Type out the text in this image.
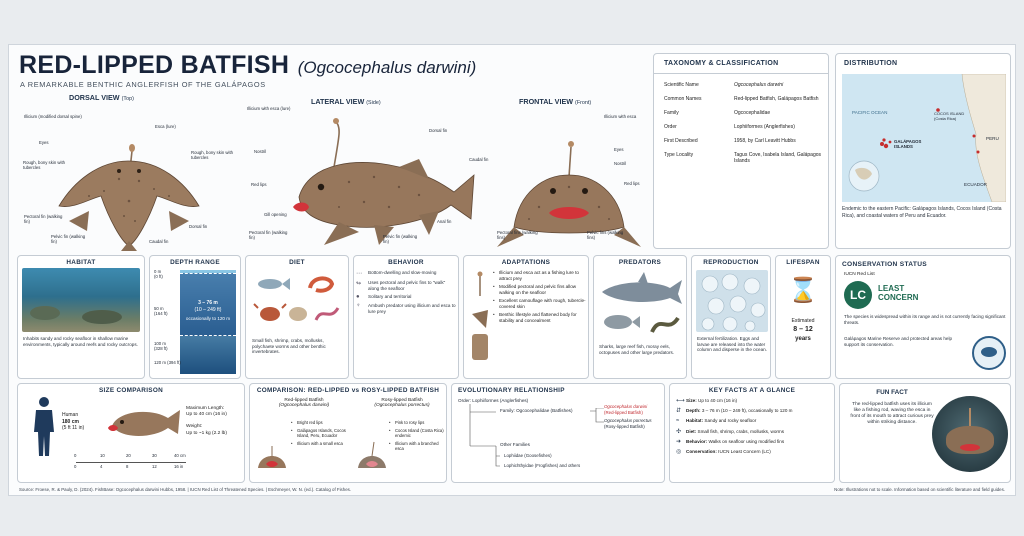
RED-LIPPED BATFISH (Ogcocephalus darwini)
A REMARKABLE BENTHIC ANGLERFISH OF THE GALÁPAGOS
DORSAL VIEW (Top)
Illicium (modified dorsal spine)
Esca (lure)
Eyes
Rough, bony skin with tubercles
Rough, bony skin with tubercles
Pectoral fin (walking fin)
Pelvic fin (walking fin)
Dorsal fin
Caudal fin
LATERAL VIEW (Side)
Illicium with esca (lure)
Dorsal fin
Nostril
Caudal fin
Red lips
Gill opening
Pectoral fin (walking fin)	Pelvic fin (walking fin)
Anal fin
FRONTAL VIEW (Front)
Illicium with esca
Eyes
Nostril
Red lips
Pectoral fins (walking fins)
Pelvic fins (walking fins)
TAXONOMY & CLASSIFICATION
Scientific Name	Ogcocephalus darwini
Common Names	Red-lipped Batfish, Galápagos Batfish
Family	Ogcocephalidae
Order	Lophiiformes (Anglerfishes)
First Described	1958, by Carl Leavitt Hubbs
Type Locality	Tagus Cove, Isabela Island, Galápagos Islands
DISTRIBUTION
PACIFIC OCEAN	COCOS ISLAND (Costa Rica)
GALÁPAGOS ISLANDS
PERU
ECUADOR
Endemic to the eastern Pacific: Galápagos Islands, Cocos Island (Costa Rica), and coastal waters of Peru and Ecuador.
HABITAT
Inhabits sandy and rocky seafloor in shallow marine environments, typically around reefs and rocky outcrops.
DEPTH RANGE
0 m
(0 ft)
50 m
(164 ft)
100 m
(328 ft)
120 m (394 ft)
3 – 76 m
(10 – 249 ft)
occasionally to 120 m
DIET
Small fish, shrimp, crabs, mollusks, polychaete worms and other benthic invertebrates.
BEHAVIOR
⋯	Bottom-dwelling and slow-moving
↬	Uses pectoral and pelvic fins to "walk" along the seafloor
●	Solitary and territorial
♆	Ambush predator using illicium and esca to lure prey
ADAPTATIONS
• Illicium and esca act as a fishing lure to attract prey
• Modified pectoral and pelvic fins allow walking on the seafloor
• Excellent camouflage with rough, tubercle-covered skin
• Benthic lifestyle and flattened body for stability and concealment
PREDATORS
Sharks, large reef fish, moray eels, octopuses and other large predators.
REPRODUCTION
External fertilization. Eggs and larvae are released into the water column and disperse in the ocean.
LIFESPAN
⌛
Estimated
8 – 12
years
CONSERVATION STATUS
IUCN Red List
LC	LEAST
CONCERN
The species is widespread within its range and is not currently facing significant threats.
Galápagos Marine Reserve and protected areas help support its conservation.
SIZE COMPARISON
Human
180 cm
(5 ft 11 in)
Maximum Length:
Up to 40 cm (16 in)
Weight:
Up to ~1 kg (2.2 lb)
0	10	20	30	40 cm
0	4	8	12	16 in
COMPARISON: RED-LIPPED vs ROSY-LIPPED BATFISH
Red-lipped Batfish
(Ogcocephalus darwini)
Rosy-lipped Batfish
(Ogcocephalus porrectus)
• Bright red lips
• Galápagos Islands, Cocos Island, Peru, Ecuador
• Illicium with a small esca
• Pink to rosy lips
• Cocos Island (Costa Rica) endemic
• Illicium with a branched esca
EVOLUTIONARY RELATIONSHIP
Order: Lophiiformes (Anglerfishes)
Family: Ogcocephalidae (Batfishes)
Ogcocephalus darwini
(Red-lipped Batfish)
Ogcocephalus porrectus
(Rosy-lipped Batfish)
Other Families
Lophiidae (Goosefishes)
Lophichthyidae (Frogfishes) and others
KEY FACTS AT A GLANCE
⟷ Size: Up to 40 cm (16 in)
⇵	Depth: 3 – 76 m (10 – 249 ft), occasionally to 120 m
≈	Habitat: Sandy and rocky seafloor
✣	Diet: Small fish, shrimp, crabs, mollusks, worms
➜	Behavior: Walks on seafloor using modified fins
◎	Conservation: IUCN Least Concern (LC)
FUN FACT
The red-lipped batfish uses its illicium like a fishing rod, waving the esca in front of its mouth to attract curious prey within striking distance.
Source: Froese, R. & Pauly, D. (2024). FishBase: Ogcocephalus darwini Hubbs, 1958. | IUCN Red List of Threatened Species. | Eschmeyer, W. N. (ed.). Catalog of Fishes.	Note: Illustrations not to scale. Information based on scientific literature and field guides.
